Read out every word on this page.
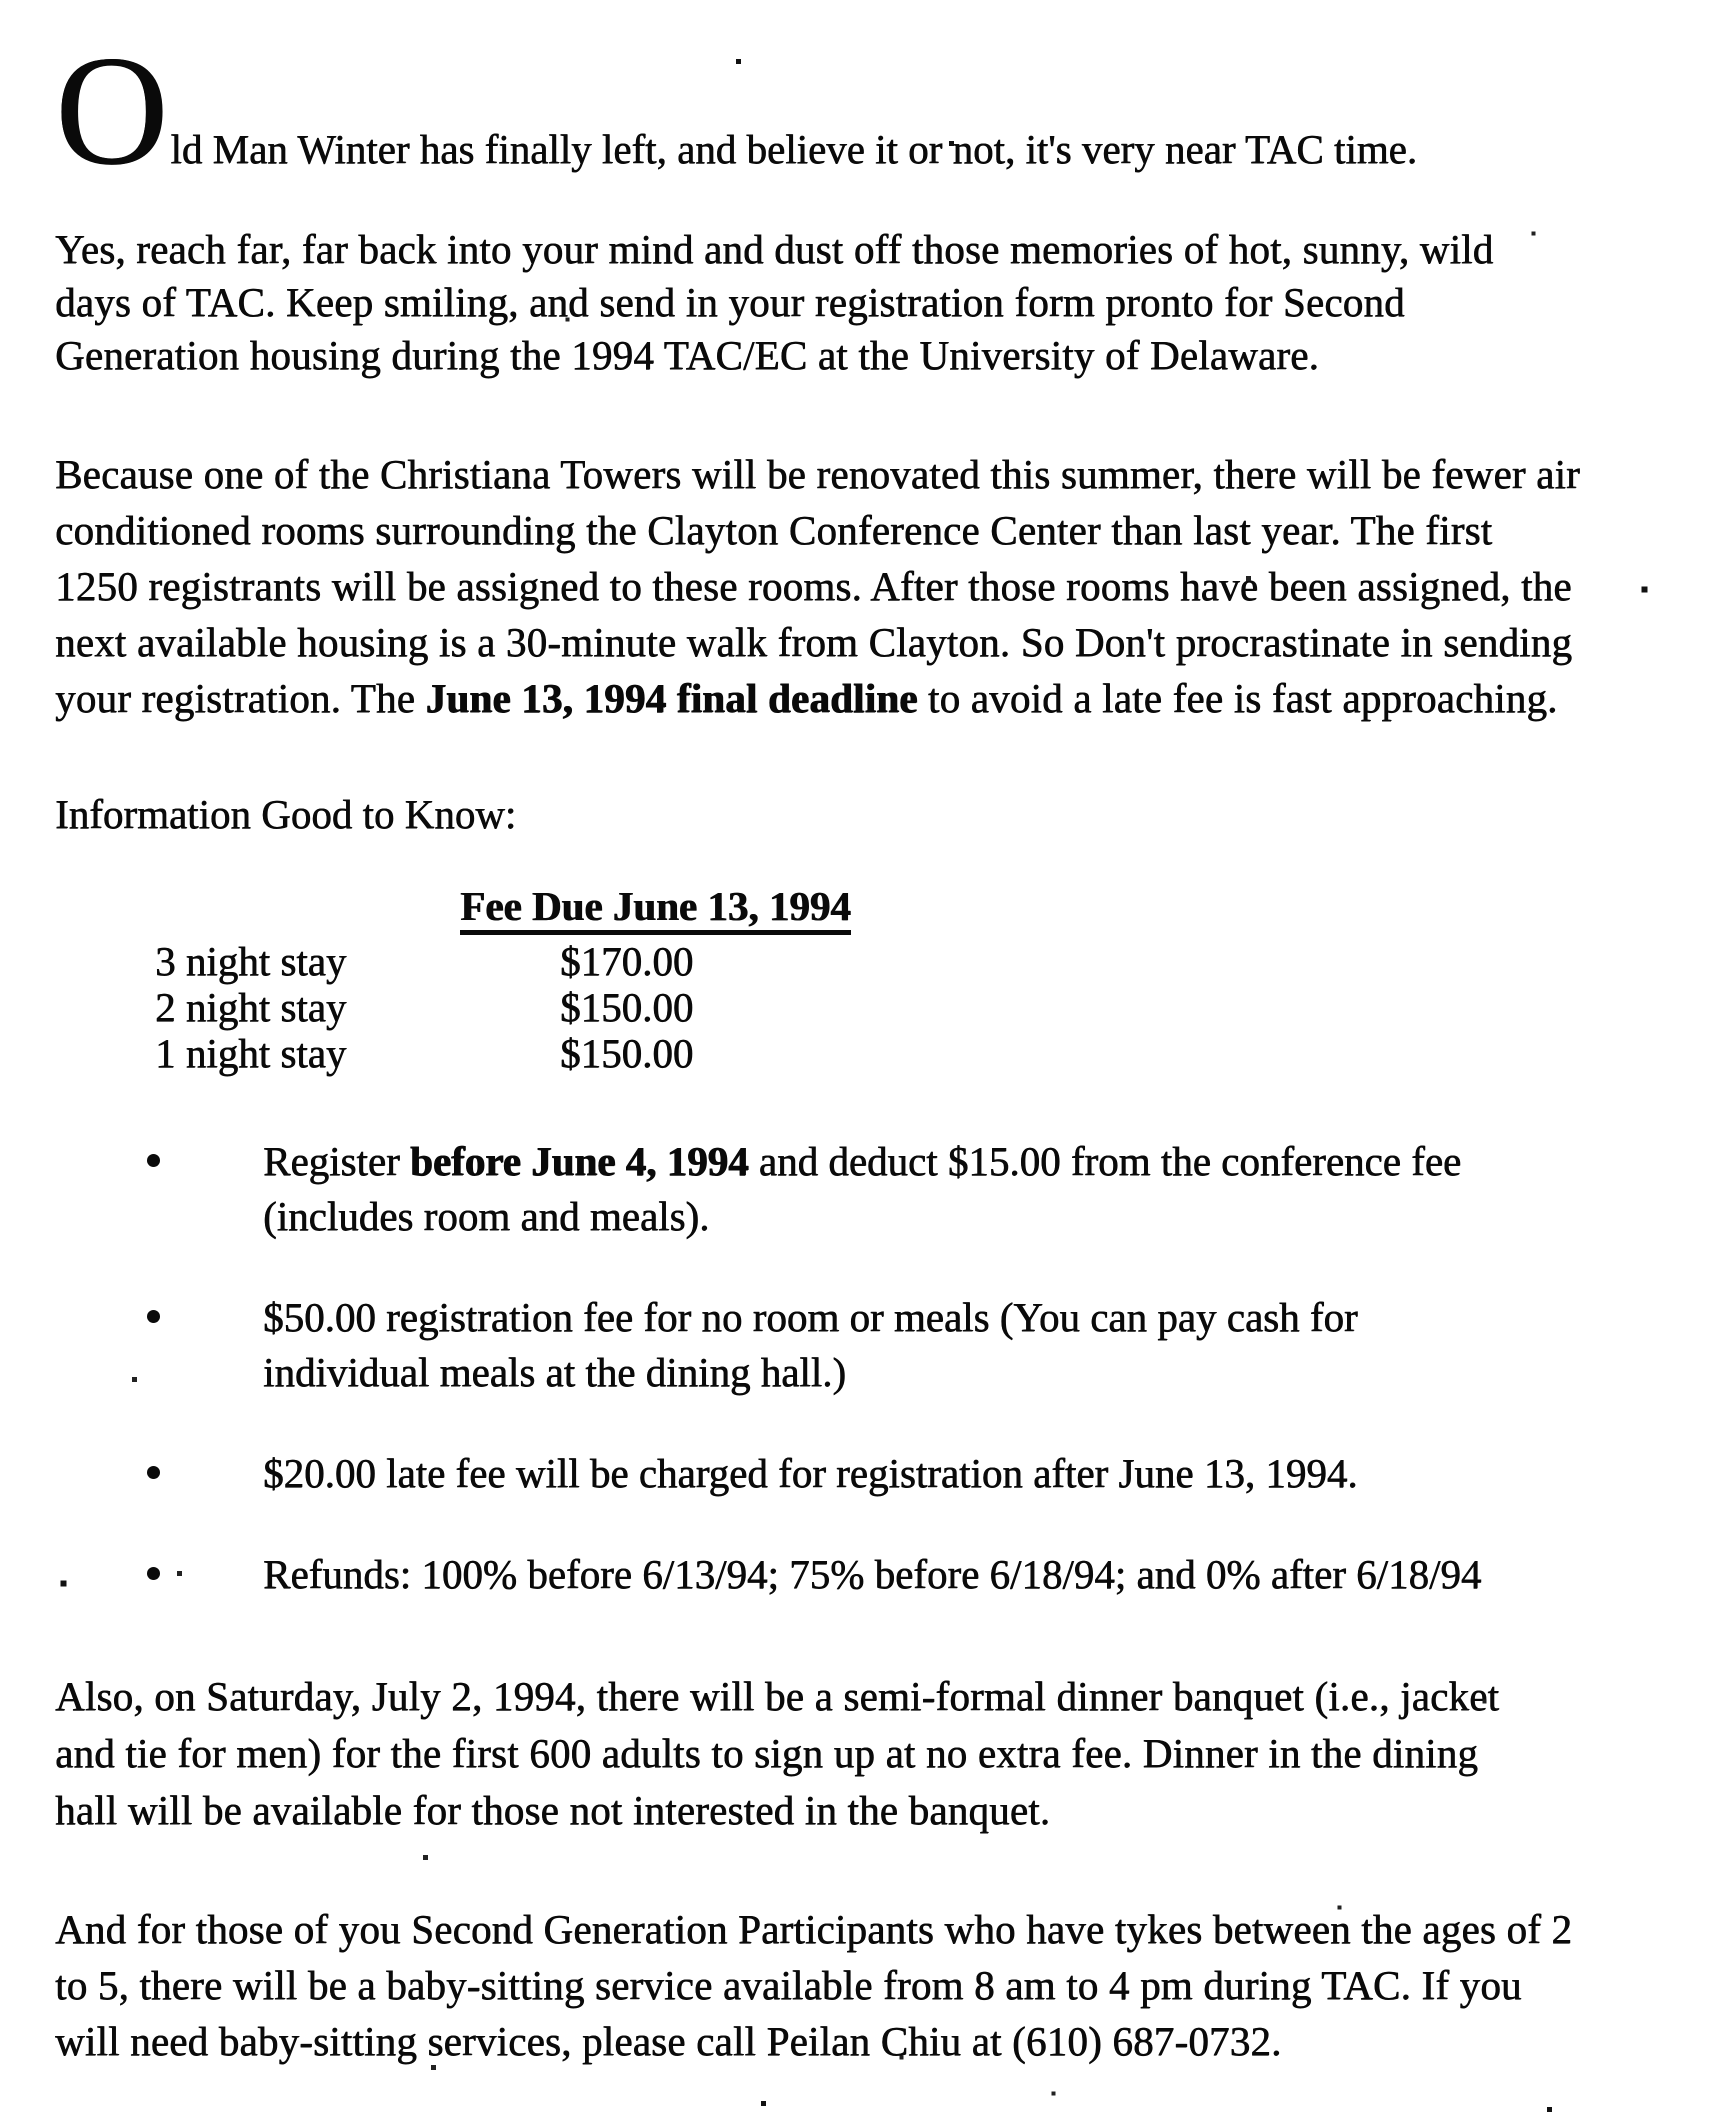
Old Man Winter has finally left, and believe it or not, it's very near TAC time.
Yes, reach far, far back into your mind and dust off those memories of hot, sunny, wild days of TAC. Keep smiling, and send in your registration form pronto for Second Generation housing during the 1994 TAC/EC at the University of Delaware.
Because one of the Christiana Towers will be renovated this summer, there will be fewer air conditioned rooms surrounding the Clayton Conference Center than last year. The first 1250 registrants will be assigned to these rooms. After those rooms have been assigned, the next available housing is a 30-minute walk from Clayton. So Don't procrastinate in sending your registration. The June 13, 1994 final deadline to avoid a late fee is fast approaching.
Information Good to Know:
Fee Due June 13, 1994
3 night stay	$170.00
2 night stay	$150.00
1 night stay	$150.00
Register before June 4, 1994 and deduct $15.00 from the conference fee (includes room and meals).
$50.00 registration fee for no room or meals (You can pay cash for individual meals at the dining hall.)
$20.00 late fee will be charged for registration after June 13, 1994.
Refunds: 100% before 6/13/94; 75% before 6/18/94; and 0% after 6/18/94
Also, on Saturday, July 2, 1994, there will be a semi-formal dinner banquet (i.e., jacket and tie for men) for the first 600 adults to sign up at no extra fee. Dinner in the dining hall will be available for those not interested in the banquet.
And for those of you Second Generation Participants who have tykes between the ages of 2 to 5, there will be a baby-sitting service available from 8 am to 4 pm during TAC. If you will need baby-sitting services, please call Peilan Chiu at (610) 687-0732.
